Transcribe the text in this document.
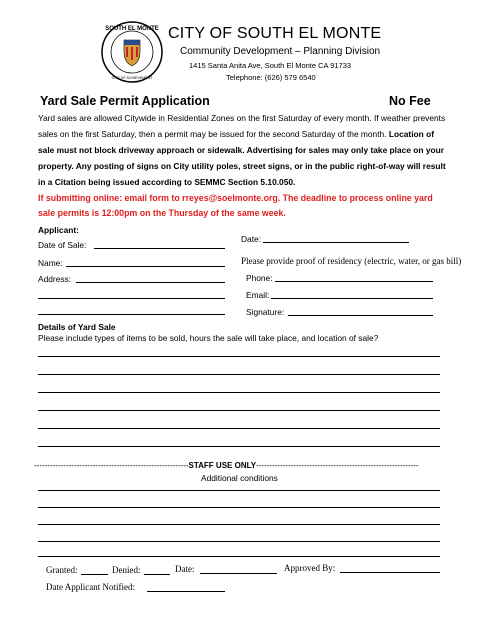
SOUTH EL MONTE
CITY OF ACHIEVEMENT
CITY OF SOUTH EL MONTE
Community Development – Planning Division
1415 Santa Anita Ave, South El Monte CA 91733
Telephone: (626) 579 6540
Yard Sale Permit Application	No Fee
Yard sales are allowed Citywide in Residential Zones on the first Saturday of every month. If weather prevents sales on the first Saturday, then a permit may be issued for the second Saturday of the month. Location of sale must not block driveway approach or sidewalk. Advertising for sales may only take place on your property. Any posting of signs on City utility poles, street signs, or in the public right-of-way will result in a Citation being issued according to SEMMC Section 5.10.050.
If submitting online: email form to rreyes@soelmonte.org. The deadline to process online yard sale permits is 12:00pm on the Thursday of the same week.
Applicant:
Date of Sale:
Date:
Name:	Please provide proof of residency (electric, water, or gas bill)
Address:	Phone:
Email:
Signature:
Details of Yard Sale
Please include types of items to be sold, hours the sale will take place, and location of sale?
----------------------------------------------------------STAFF USE ONLY-------------------------------------------------------------
Additional conditions
Granted:	Denied:	Date:	Approved By:
Date Applicant Notified:
